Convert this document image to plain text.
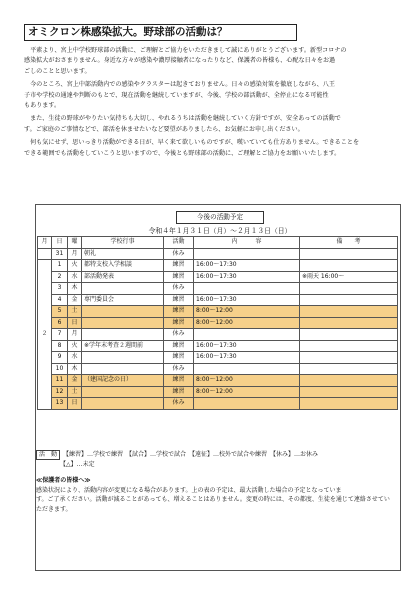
オミクロン株感染拡大。野球部の活動は？

　平素より、宮上中学校野球部の活動に、ご理解とご協力をいただきまして誠にありがとうございます。新型コロナの
感染拡大がおさまりません。身近な方々が感染や濃厚接触者になったりなど、保護者の皆様も、心配な日々をお過
ごしのことと思います。

　今のところ、宮上中部活動内での感染やクラスターは起きておりません。日々の感染対策を徹底しながら、八王
子市や学校の通達や判断のもとで、現在活動を継続していますが、今後、学校の部活動が、全停止になる可能性
もあります。

　また、生徒の野球がやりたい気持ちも大切し、やれるうちは活動を継続していく方針ですが、安全あっての活動で
す。ご家庭のご事情などで、部活を休ませたいなど要望がありましたら、お気軽にお申し出ください。

　何も気にせず、思いっきり活動ができる日が、早く来て欲しいものですが、嘆いていても仕方ありません。できることを
できる範囲でも活動をしていこうと思いますので、今後とも野球部の活動に、ご理解とご協力をお願いいたします。

今後の活動予定
令和４年１月３１日（月）〜２月１３日（日）
月	日	曜	学校行事	活動	内　　　容	備　　考
	31	月	朝礼	休み		
２	1	火	都特支校入学相談	練習	16:00〜17:30	
	2	水	部活動発表	練習	16:00〜17:30	※雨天 16:00〜
	3	木		休み		
	4	金	専門委員会	練習	16:00〜17:30	
	5	土		練習	8:00〜12:00	
	6	日		練習	8:00〜12:00	
	7	月		休み		
	8	火	※学年末考査２週間前	練習	16:00〜17:30	
	9	水		練習	16:00〜17:30	
	10	木		休み		
	11	金	（建国記念の日）	練習	8:00〜12:00	
	12	土		練習	8:00〜12:00	
	13	日		休み		
活　動 【練習】…学校で練習　【試合】…学校で試合　【遠征】…校外で試合や練習　【休み】…お休み
【△】…未定

≪保護者の皆様へ≫

感染状況により、活動内容が変更になる場合があります。上の表の予定は、最大活動した場合の予定となっていま

す。ご了承ください。活動が減ることがあっても、増えることはありません。変更の時には、その都度、生徒を通じて連絡させてい

ただきます。
